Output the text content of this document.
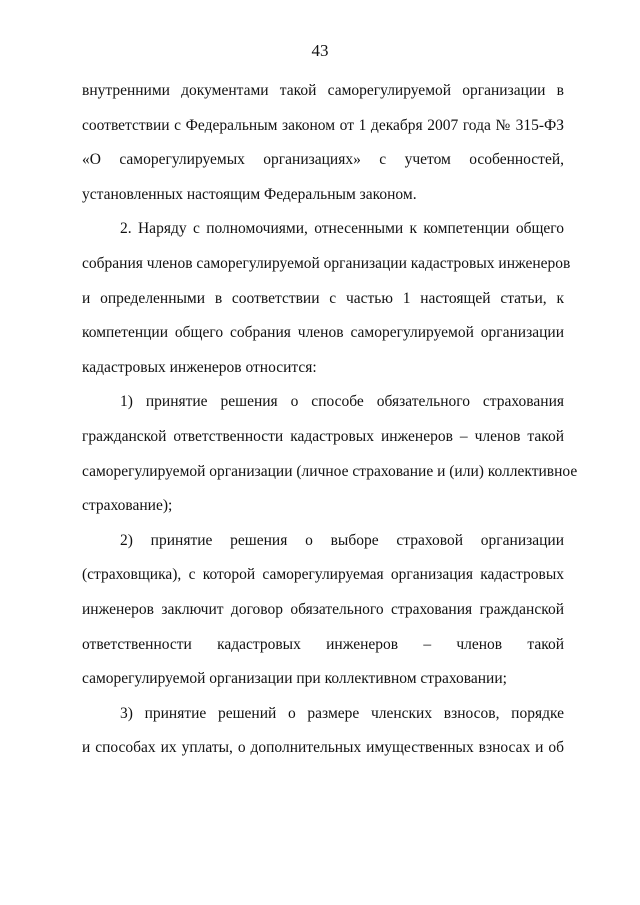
43

внутренними документами такой саморегулируемой организации в
соответствии с Федеральным законом от 1 декабря 2007 года № 315-ФЗ
«О саморегулируемых организациях» с учетом особенностей,
установленных настоящим Федеральным законом.

2. Наряду с полномочиями, отнесенными к компетенции общего
собрания членов саморегулируемой организации кадастровых инженеров
и определенными в соответствии с частью 1 настоящей статьи, к
компетенции общего собрания членов саморегулируемой организации
кадастровых инженеров относится:

1) принятие решения о способе обязательного страхования
гражданской ответственности кадастровых инженеров – членов такой
саморегулируемой организации (личное страхование и (или) коллективное
страхование);

2) принятие решения о выборе страховой организации
(страховщика), с которой саморегулируемая организация кадастровых
инженеров заключит договор обязательного страхования гражданской
ответственности кадастровых инженеров – членов такой
саморегулируемой организации при коллективном страховании;

3) принятие решений о размере членских взносов, порядке
и способах их уплаты, о дополнительных имущественных взносах и об
